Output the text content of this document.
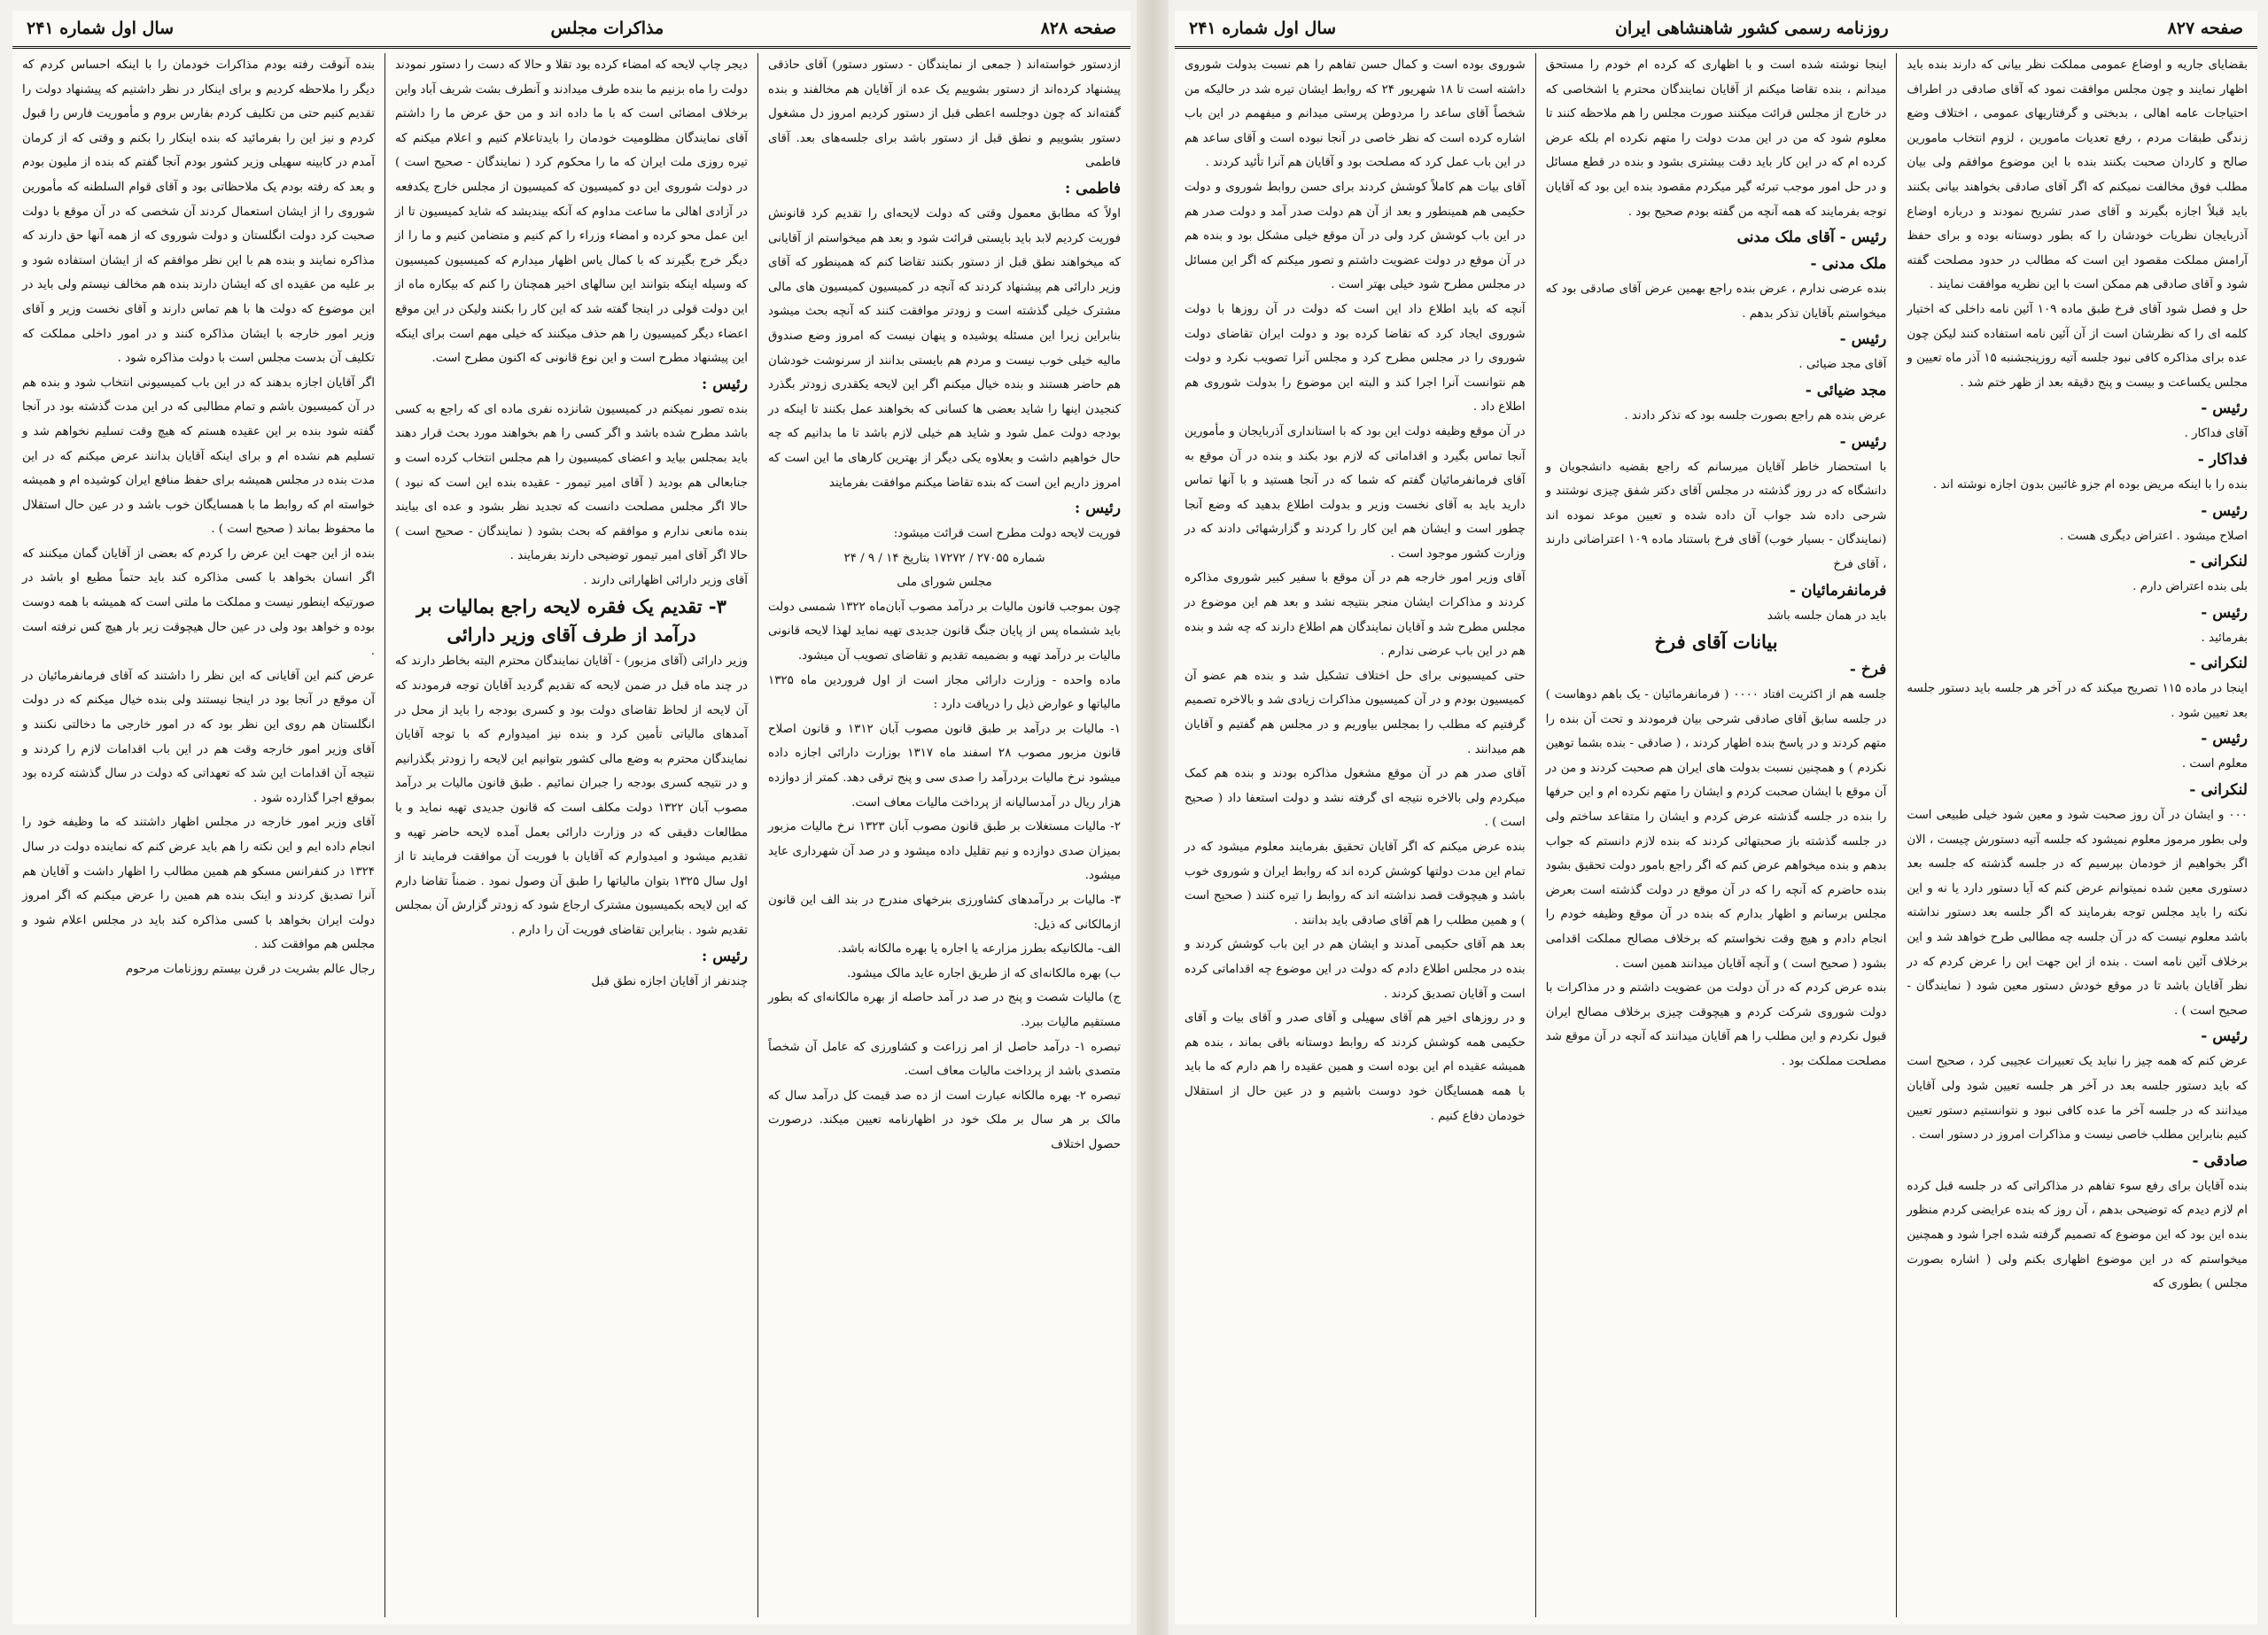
صفحه ۸۲۸
مذاکرات مجلس
سال اول شماره ۲۴۱

ازدستور خواسته‌اند ( جمعی از نمایندگان - دستور دستور) آقای حاذقی پیشنهاد کرده‌اند از دستور بشوییم یک عده از آقایان هم مخالفند و بنده گفته‌اند که چون دوجلسه اعطی قبل از دستور کردیم امروز دل مشغول دستور بشوییم و نطق قبل از دستور باشد برای جلسه‌های بعد. آقای فاطمی

فاطمی :

اولاً که مطابق معمول وقتی که دولت لایحه‌ای را تقدیم کرد قانونش فوریت کردیم لابد باید بایستی قرائت شود و بعد هم میخواستم از آقایانی که میخواهند نطق قبل از دستور بکنند تقاضا کنم که همینطور که آقای وزیر دارائی هم پیشنهاد کردند که آنچه در کمیسیون کمیسیون های مالی مشترک خیلی گذشته است و زودتر موافقت کنند که آنچه بحث میشود بنابراین زیرا این مسئله پوشیده و پنهان نیست که امروز وضع صندوق مالیه خیلی خوب نیست و مردم هم بایستی بدانند از سرنوشت خودشان هم حاضر هستند و بنده خیال میکنم اگر این لایحه یکقدری زودتر بگذرد کنجیدن اینها را شاید بعضی ها کسانی که بخواهند عمل بکنند تا اینکه در بودجه دولت عمل شود و شاید هم خیلی لازم باشد تا ما بدانیم که چه حال خواهیم داشت و بعلاوه یکی دیگر از بهترین کارهای ما این است که امروز داریم این است که بنده تقاضا میکنم موافقت بفرمایند

رئیس :

فوریت لایحه دولت مطرح است قرائت میشود:

شماره ۲۷۰۵۵ / ۱۷۲۷۲ بتاریخ ۱۴ / ۹ / ۲۴

مجلس شورای ملی

چون بموجب قانون مالیات بر درآمد مصوب آبان‌ماه ۱۳۲۲ شمسی دولت باید ششماه پس از پایان جنگ قانون جدیدی تهیه نماید لهذا لایحه قانونی مالیات بر درآمد تهیه و بضمیمه تقدیم و تقاضای تصویب آن میشود.

ماده واحده - وزارت دارائی مجاز است از اول فروردین ماه ۱۳۲۵ مالیاتها و عوارض ذیل را دریافت دارد :

۱- مالیات بر درآمد بر طبق قانون مصوب آبان ۱۳۱۲ و قانون اصلاح قانون مزبور مصوب ۲۸ اسفند ماه ۱۳۱۷ بوزارت دارائی اجازه داده میشود نرخ مالیات بردرآمد را صدی سی و پنج ترقی دهد. کمتر از دوازده هزار ریال در آمدسالیانه از پرداخت مالیات معاف است.

۲- مالیات مستغلات بر طبق قانون مصوب آبان ۱۳۲۳ نرخ مالیات مزبور بمیزان صدی دوازده و نیم تقلیل داده میشود و در صد آن شهرداری عاید میشود.

۳- مالیات بر درآمدهای کشاورزی بنرخهای مندرج در بند الف این قانون ازمالکانی که ذیل:

الف- مالکانیکه بطرز مزارعه یا اجاره یا بهره مالکانه باشد.

ب) بهره مالکانه‌ای که از طریق اجاره عاید مالک میشود.

ج) مالیات شصت و پنج در صد در آمد حاصله از بهره مالکانه‌ای که بطور مستقیم مالیات ببرد.

تبصره ۱- درآمد حاصل از امر زراعت و کشاورزی که عامل آن شخصاً متصدی باشد از پرداخت مالیات معاف است.

تبصره ۲- بهره مالکانه عبارت است از ده صد قیمت کل درآمد سال که مالک بر هر سال بر ملک خود در اظهارنامه تعیین میکند. درصورت حصول اختلاف

دیجر چاپ لایحه که امضاء کرده بود تقلا و حالا که دست را دستور نمودند دولت را ماه بزنیم ما بنده طرف میدادند و آنطرف بشت شریف آباد واین برخلاف امضائی است که با ما داده اند و من حق عرض ما را داشتم آقای نمایندگان مظلومیت خودمان را بایدتاعلام کنیم و اعلام میکنم که تیره روزی ملت ایران که ما را محکوم کرد ( نمایندگان - صحیح است ) در دولت شوروی این دو کمیسیون که کمیسیون از مجلس خارج یکدفعه در آزادی اهالی ما ساعت مداوم که آنکه بیندیشد که شاید کمیسیون تا از این عمل محو کرده و امضاء وزراء را کم کنیم و متضامن کنیم و ما را از دیگر خرج بگیرند که با کمال یاس اظهار میدارم که کمیسیون کمیسیون که وسیله اینکه بتوانند این سالهای اخیر همچنان را کنم که بیکاره ماه از این دولت قولی در اینجا گفته شد که این کار را بکنند ولیکن در این موقع اعضاء دیگر کمیسیون را هم حذف میکنند که خیلی مهم است برای اینکه این پیشنهاد مطرح است و این نوع قانونی که اکنون مطرح است.

رئیس :

بنده تصور نمیکنم در کمیسیون شانزده نفری ماده ای که راجع به کسی باشد مطرح شده باشد و اگر کسی را هم بخواهند مورد بحث قرار دهند باید بمجلس بیاید و اعضای کمیسیون را هم مجلس انتخاب کرده است و جنابعالی هم بودید ( آقای امیر تیمور - عقیده بنده این است که نبود ) حالا اگر مجلس مصلحت دانست که تجدید نظر بشود و عده ای بیایند بنده مانعی ندارم و موافقم که بحث بشود ( نمایندگان - صحیح است ) حالا اگر آقای امیر تیمور توضیحی دارند بفرمایند .

آقای وزیر دارائی اظهاراتی دارند .

۳- تقدیم یک فقره لایحه راجع بمالیات بر درآمد از طرف آقای وزیر دارائی

وزیر دارائی (آقای مزبور) - آقایان نمایندگان محترم البته بخاطر دارند که در چند ماه قبل در ضمن لایحه که تقدیم گردید آقایان توجه فرمودند که آن لایحه از لحاظ تقاضای دولت بود و کسری بودجه را باید از محل در آمدهای مالیاتی تأمین کرد و بنده نیز امیدوارم که با توجه آقایان نمایندگان محترم به وضع مالی کشور بتوانیم این لایحه را زودتر بگذرانیم و در نتیجه کسری بودجه را جبران نمائیم . طبق قانون مالیات بر درآمد مصوب آبان ۱۳۲۲ دولت مکلف است که قانون جدیدی تهیه نماید و با مطالعات دقیقی که در وزارت دارائی بعمل آمده لایحه حاضر تهیه و تقدیم میشود و امیدوارم که آقایان با فوریت آن موافقت فرمایند تا از اول سال ۱۳۲۵ بتوان مالیاتها را طبق آن وصول نمود . ضمناً تقاضا دارم که این لایحه بکمیسیون مشترک ارجاع شود که زودتر گزارش آن بمجلس تقدیم شود . بنابراین تقاضای فوریت آن را دارم .

رئیس :

چندنفر از آقایان اجازه نطق قبل

بنده آنوقت رفته بودم مذاکرات خودمان را با اینکه احساس کردم که دیگر را ملاحظه کردیم و برای اینکار در نظر داشتیم که پیشنهاد دولت را تقدیم کنیم حتی من تکلیف کردم بفارس بروم و مأموریت فارس را قبول کردم و نیز این را بفرمائید که بنده اینکار را بکنم و وقتی که از کرمان آمدم در کابینه سهیلی وزیر کشور بودم آنجا گفتم که بنده از ملیون بودم و بعد که رفته بودم یک ملاحظاتی بود و آقای قوام السلطنه که مأمورین شوروی را از ایشان استعمال کردند آن شخصی که در آن موقع با دولت صحبت کرد دولت انگلستان و دولت شوروی که از همه آنها حق دارند که مذاکره نمایند و بنده هم با این نظر موافقم که از ایشان استفاده شود و بر علیه من عقیده ای که ایشان دارند بنده هم مخالف نیستم ولی باید در این موضوع که دولت ها با هم تماس دارند و آقای نخست وزیر و آقای وزیر امور خارجه با ایشان مذاکره کنند و در امور داخلی مملکت که تکلیف آن بدست مجلس است با دولت مذاکره شود .

اگر آقایان اجازه بدهند که در این باب کمیسیونی انتخاب شود و بنده هم در آن کمیسیون باشم و تمام مطالبی که در این مدت گذشته بود در آنجا گفته شود بنده بر این عقیده هستم که هیچ وقت تسلیم نخواهم شد و تسلیم هم نشده ام و برای اینکه آقایان بدانند عرض میکنم که در این مدت بنده در مجلس همیشه برای حفظ منافع ایران کوشیده ام و همیشه خواسته ام که روابط ما با همسایگان خوب باشد و در عین حال استقلال ما محفوظ بماند ( صحیح است ) .

بنده از این جهت این عرض را کردم که بعضی از آقایان گمان میکنند که اگر انسان بخواهد با کسی مذاکره کند باید حتماً مطیع او باشد در صورتیکه اینطور نیست و مملکت ما ملتی است که همیشه با همه دوست بوده و خواهد بود ولی در عین حال هیچوقت زیر بار هیچ کس نرفته است .

عرض کنم این آقایانی که این نظر را داشتند که آقای فرمانفرمائیان در آن موقع در آنجا بود در اینجا نیستند ولی بنده خیال میکنم که در دولت انگلستان هم روی این نظر بود که در امور خارجی ما دخالتی نکنند و آقای وزیر امور خارجه وقت هم در این باب اقدامات لازم را کردند و نتیجه آن اقدامات این شد که تعهداتی که دولت در سال گذشته کرده بود بموقع اجرا گذارده شود .

آقای وزیر امور خارجه در مجلس اظهار داشتند که ما وظیفه خود را انجام داده ایم و این نکته را هم باید عرض کنم که نماینده دولت در سال ۱۳۲۴ در کنفرانس مسکو هم همین مطالب را اظهار داشت و آقایان هم آنرا تصدیق کردند و اینک بنده هم همین را عرض میکنم که اگر امروز دولت ایران بخواهد با کسی مذاکره کند باید در مجلس اعلام شود و مجلس هم موافقت کند .

رجال عالم بشریت در قرن بیستم روزنامات مرحوم

صفحه ۸۲۷
روزنامه رسمی کشور شاهنشاهی ایران
سال اول شماره ۲۴۱

بقضایای جاریه و اوضاع عمومی مملکت نظر بیانی که دارند بنده باید اظهار نمایند و چون مجلس موافقت نمود که آقای صادقی در اطراف احتیاجات عامه اهالی ، بدبختی و گرفتاریهای عمومی ، اختلاف وضع زندگی طبقات مردم ، رفع تعدیات مامورین ، لزوم انتخاب مامورین صالح و کاردان صحبت بکنند بنده با این موضوع موافقم ولی بیان مطلب فوق مخالفت نمیکنم که اگر آقای صادقی بخواهند بیانی بکنند باید قبلاً اجازه بگیرند و آقای صدر تشریح نمودند و درباره اوضاع آذربایجان نظریات خودشان را که بطور دوستانه بوده و برای حفظ آرامش مملکت مقصود این است که مطالب در حدود مصلحت گفته شود و آقای صادقی هم ممکن است با این نظریه موافقت نمایند .

حل و فصل شود آقای فرخ طبق ماده ۱۰۹ آئین نامه داخلی که اختیار کلمه ای را که نظرشان است از آن آئین نامه استفاده کنند لیکن چون عده برای مذاکره کافی نبود جلسه آتیه روزپنجشنبه ۱۵ آذر ماه تعیین و مجلس یکساعت و بیست و پنج دقیقه بعد از ظهر ختم شد .

رئیس -

آقای فداکار .

فداکار -

بنده را با اینکه مریض بوده ام جزو غائبین بدون اجازه نوشته اند .

رئیس -

اصلاح میشود . اعتراض دیگری هست .

لنکرانی -

بلی بنده اعتراض دارم .

رئیس -

بفرمائید .

لنکرانی -

اینجا در ماده ۱۱۵ تصریح میکند که در آخر هر جلسه باید دستور جلسه بعد تعیین شود .

رئیس -

معلوم است .

لنکرانی -

۰۰۰ و ایشان در آن روز صحبت شود و معین شود خیلی طبیعی است ولی بطور مرموز معلوم نمیشود که جلسه آتیه دستورش چیست ، الان اگر بخواهیم از خودمان بپرسیم که در جلسه گذشته که جلسه بعد دستوری معین شده نمیتوانم عرض کنم که آیا دستور دارد یا نه و این نکته را باید مجلس توجه بفرمایند که اگر جلسه بعد دستور نداشته باشد معلوم نیست که در آن جلسه چه مطالبی طرح خواهد شد و این برخلاف آئین نامه است . بنده از این جهت این را عرض کردم که در نظر آقایان باشد تا در موقع خودش دستور معین شود ( نمایندگان - صحیح است ) .

رئیس -

عرض کنم که همه چیز را نباید یک تعبیرات عجیبی کرد ، صحیح است که باید دستور جلسه بعد در آخر هر جلسه تعیین شود ولی آقایان میدانند که در جلسه آخر ما عده کافی نبود و نتوانستیم دستور تعیین کنیم بنابراین مطلب خاصی نیست و مذاکرات امروز در دستور است .

صادقی -

بنده آقایان برای رفع سوء تفاهم در مذاکراتی که در جلسه قبل کرده ام لازم دیدم که توضیحی بدهم ، آن روز که بنده عرایضی کردم منظور بنده این بود که این موضوع که تصمیم گرفته شده اجرا شود و همچنین میخواستم که در این موضوع اظهاری بکنم ولی ( اشاره بصورت مجلس ) بطوری که

اینجا نوشته شده است و با اظهاری که کرده ام خودم را مستحق میدانم ، بنده تقاضا میکنم از آقایان نمایندگان محترم یا اشخاصی که در خارج از مجلس قرائت میکنند صورت مجلس را هم ملاحظه کنند تا معلوم شود که من در این مدت دولت را متهم نکرده ام بلکه عرض کرده ام که در این کار باید دقت بیشتری بشود و بنده در قطع مسائل و در حل امور موجب تبرئه گیر میکردم مقصود بنده این بود که آقایان توجه بفرمایند که همه آنچه من گفته بودم صحیح بود .

رئیس - آقای ملک مدنی

ملک مدنی -

بنده عرضی ندارم ، عرض بنده راجع بهمین عرض آقای صادقی بود که میخواستم بآقایان تذکر بدهم .

رئیس -

آقای مجد ضیائی .

مجد ضیائی -

عرض بنده هم راجع بصورت جلسه بود که تذکر دادند .

رئیس -

با استحضار خاطر آقایان میرسانم که راجع بقضیه دانشجویان و دانشگاه که در روز گذشته در مجلس آقای دکتر شفق چیزی نوشتند و شرحی داده شد جواب آن داده شده و تعیین موعد نموده اند (نمایندگان - بسیار خوب) آقای فرخ باستناد ماده ۱۰۹ اعتراضاتی دارند ، آقای فرخ

فرمانفرمائیان -

باید در همان جلسه باشد

بیانات آقای فرخ

فرخ -

جلسه هم از اکثریت افتاد ۰۰۰۰ ( فرمانفرمائیان - یک باهم دوهاست ) در جلسه سابق آقای صادقی شرحی بیان فرمودند و تحت آن بنده را متهم کردند و در پاسخ بنده اظهار کردند ، ( صادقی - بنده بشما توهین نکردم ) و همچنین نسبت بدولت های ایران هم صحبت کردند و من در آن موقع با ایشان صحبت کردم و ایشان را متهم نکرده ام و این حرفها را بنده در جلسه گذشته عرض کردم و ایشان را متقاعد ساختم ولی در جلسه گذشته باز صحبتهائی کردند که بنده لازم دانستم که جواب بدهم و بنده میخواهم عرض کنم که اگر راجع بامور دولت تحقیق بشود بنده حاضرم که آنچه را که در آن موقع در دولت گذشته است بعرض مجلس برسانم و اظهار بدارم که بنده در آن موقع وظیفه خودم را انجام دادم و هیچ وقت نخواستم که برخلاف مصالح مملکت اقدامی بشود ( صحیح است ) و آنچه آقایان میدانند همین است .

بنده عرض کردم که در آن دولت من عضویت داشتم و در مذاکرات با دولت شوروی شرکت کردم و هیچوقت چیزی برخلاف مصالح ایران قبول نکردم و این مطلب را هم آقایان میدانند که آنچه در آن موقع شد مصلحت مملکت بود .

شوروی بوده است و کمال حسن تفاهم را هم نسبت بدولت شوروی داشته است تا ۱۸ شهریور ۲۴ که روابط ایشان تیره شد در حالیکه من شخصاً آقای ساعد را مردوطن پرستی میدانم و میفهمم در این باب اشاره کرده است که نظر خاصی در آنجا نبوده است و آقای ساعد هم در این باب عمل کرد که مصلحت بود و آقایان هم آنرا تأئید کردند .

آقای بیات هم کاملاً کوشش کردند برای حسن روابط شوروی و دولت حکیمی هم همینطور و بعد از آن هم دولت صدر آمد و دولت صدر هم در این باب کوشش کرد ولی در آن موقع خیلی مشکل بود و بنده هم در آن موقع در دولت عضویت داشتم و تصور میکنم که اگر این مسائل در مجلس مطرح شود خیلی بهتر است .

آنچه که باید اطلاع داد این است که دولت در آن روزها با دولت شوروی ایجاد کرد که تقاضا کرده بود و دولت ایران تقاضای دولت شوروی را در مجلس مطرح کرد و مجلس آنرا تصویب نکرد و دولت هم نتوانست آنرا اجرا کند و البته این موضوع را بدولت شوروی هم اطلاع داد .

در آن موقع وظیفه دولت این بود که با استانداری آذربایجان و مأمورین آنجا تماس بگیرد و اقداماتی که لازم بود بکند و بنده در آن موقع به آقای فرمانفرمائیان گفتم که شما که در آنجا هستید و با آنها تماس دارید باید به آقای نخست وزیر و بدولت اطلاع بدهید که وضع آنجا چطور است و ایشان هم این کار را کردند و گزارشهائی دادند که در وزارت کشور موجود است .

آقای وزیر امور خارجه هم در آن موقع با سفیر کبیر شوروی مذاکره کردند و مذاکرات ایشان منجر بنتیجه نشد و بعد هم این موضوع در مجلس مطرح شد و آقایان نمایندگان هم اطلاع دارند که چه شد و بنده هم در این باب عرضی ندارم .

حتی کمیسیونی برای حل اختلاف تشکیل شد و بنده هم عضو آن کمیسیون بودم و در آن کمیسیون مذاکرات زیادی شد و بالاخره تصمیم گرفتیم که مطلب را بمجلس بیاوریم و در مجلس هم گفتیم و آقایان هم میدانند .

آقای صدر هم در آن موقع مشغول مذاکره بودند و بنده هم کمک میکردم ولی بالاخره نتیجه ای گرفته نشد و دولت استعفا داد ( صحیح است ) .

بنده عرض میکنم که اگر آقایان تحقیق بفرمایند معلوم میشود که در تمام این مدت دولتها کوشش کرده اند که روابط ایران و شوروی خوب باشد و هیچوقت قصد نداشته اند که روابط را تیره کنند ( صحیح است ) و همین مطلب را هم آقای صادقی باید بدانند .

بعد هم آقای حکیمی آمدند و ایشان هم در این باب کوشش کردند و بنده در مجلس اطلاع دادم که دولت در این موضوع چه اقداماتی کرده است و آقایان تصدیق کردند .

و در روزهای اخیر هم آقای سهیلی و آقای صدر و آقای بیات و آقای حکیمی همه کوشش کردند که روابط دوستانه باقی بماند ، بنده هم همیشه عقیده ام این بوده است و همین عقیده را هم دارم که ما باید با همه همسایگان خود دوست باشیم و در عین حال از استقلال خودمان دفاع کنیم .
